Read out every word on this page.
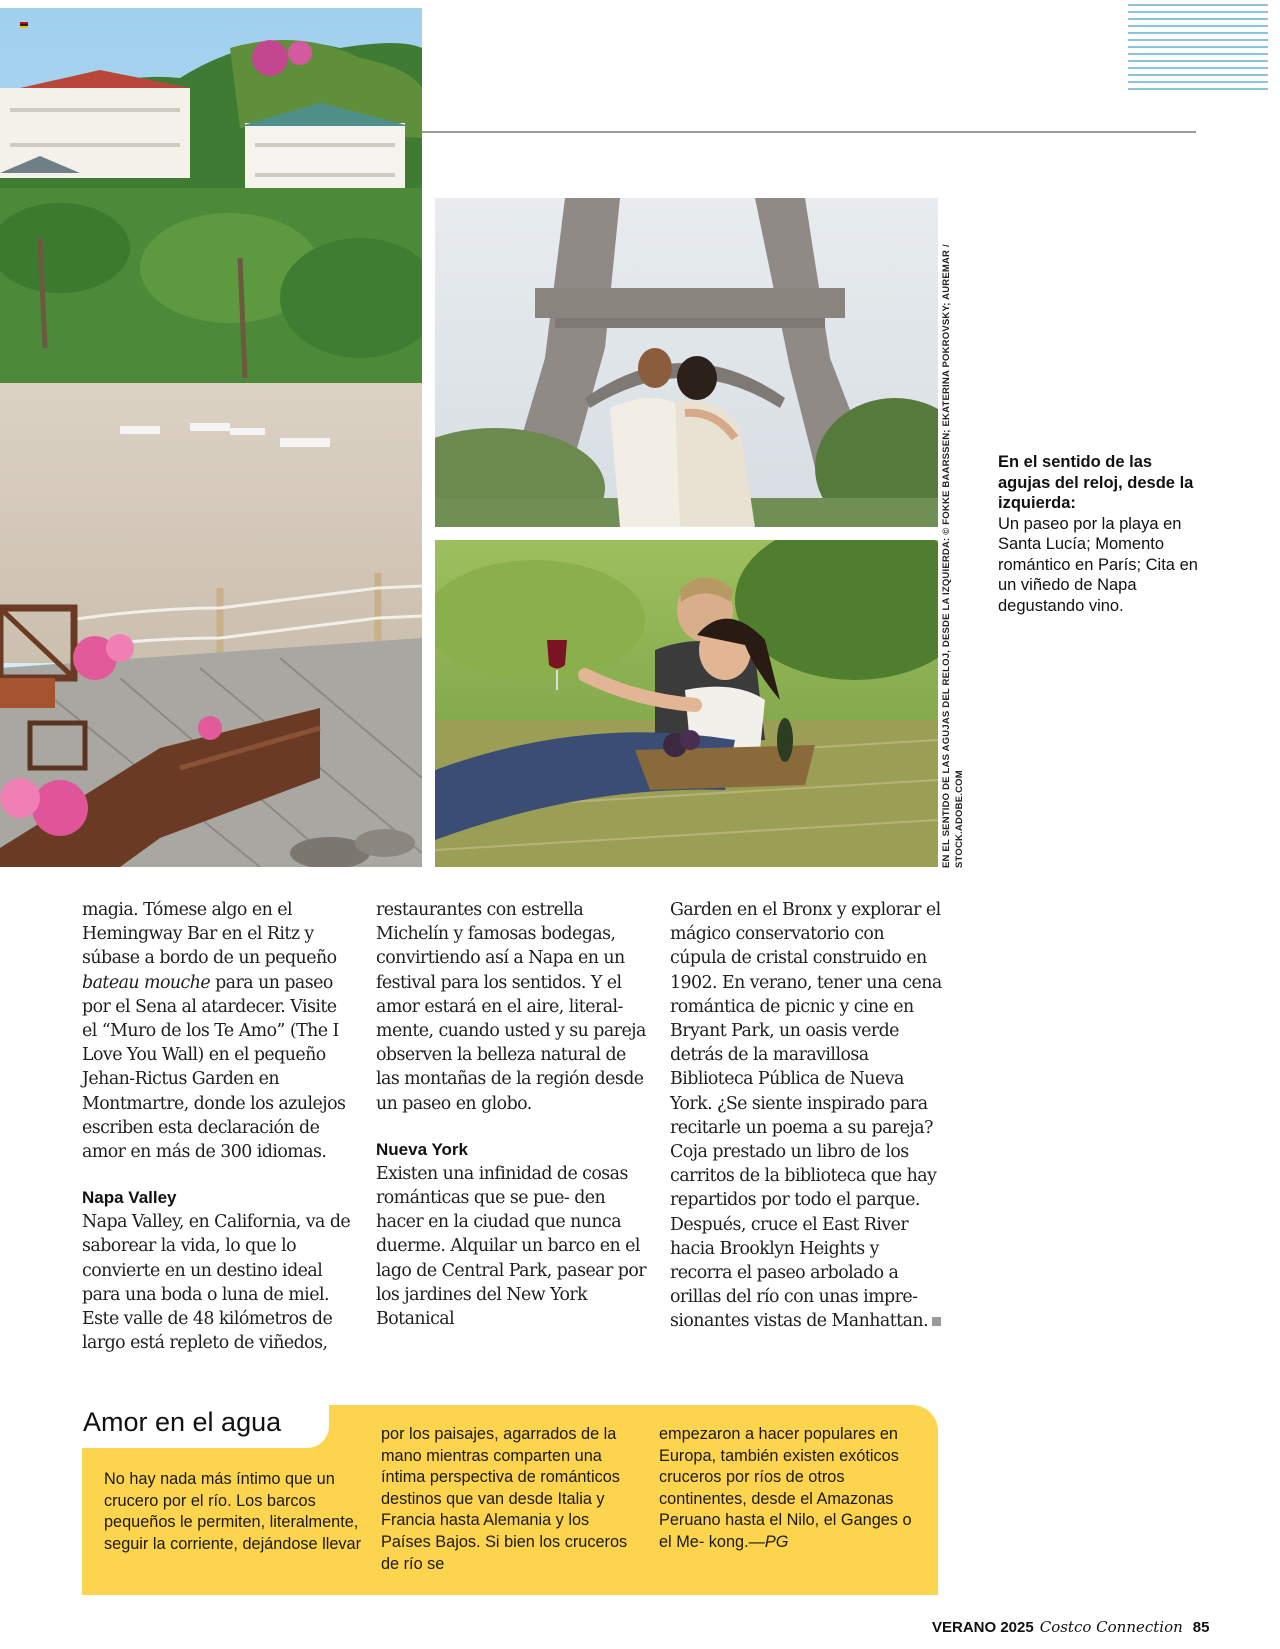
EN EL SENTIDO DE LAS AGUJAS DEL RELOJ, DESDE LA IZQUIERDA: © FOKKE BAARSSEN; EKATERINA POKROVSKY; AUREMAR / STOCK.ADOBE.COM
En el sentido de las agujas del reloj, desde la izquierda:
Un paseo por la playa en Santa Lucía; Momento romántico en París; Cita en un viñedo de Napa degustando vino.

magia. Tómese algo en el Hemingway Bar en el Ritz y súbase a bordo de un pequeño bateau mouche para un paseo por el Sena al atardecer. Visite el “Muro de los Te Amo” (The I Love You Wall) en el pequeño Jehan-Rictus Garden en Montmartre, donde los azulejos escriben esta declaración de amor en más de 300 idiomas.

Napa Valley

Napa Valley, en California, va de saborear la vida, lo que lo convierte en un destino ideal para una boda o luna de miel. Este valle de 48 kilómetros de largo está repleto de viñedos,

restaurantes con estrella Michelín y famosas bodegas, convirtiendo así a Napa en un festival para los sentidos. Y el amor estará en el aire, literal- mente, cuando usted y su pareja observen la belleza natural de las montañas de la región desde un paseo en globo.

Nueva York

Existen una infinidad de cosas románticas que se pue- den hacer en la ciudad que nunca duerme. Alquilar un barco en el lago de Central Park, pasear por los jardines del New York Botanical

Garden en el Bronx y explorar el mágico conservatorio con cúpula de cristal construido en 1902. En verano, tener una cena romántica de picnic y cine en Bryant Park, un oasis verde detrás de la maravillosa Biblioteca Pública de Nueva York. ¿Se siente inspirado para recitarle un poema a su pareja? Coja prestado un libro de los carritos de la biblioteca que hay repartidos por todo el parque. Después, cruce el East River hacia Brooklyn Heights y recorra el paseo arbolado a orillas del río con unas impre- sionantes vistas de Manhattan.

Amor en el agua

No hay nada más íntimo que un crucero por el río. Los barcos pequeños le permiten, literalmente, seguir la corriente, dejándose llevar

por los paisajes, agarrados de la mano mientras comparten una íntima perspectiva de románticos destinos que van desde Italia y Francia hasta Alemania y los Países Bajos. Si bien los cruceros de río se

empezaron a hacer populares en Europa, también existen exóticos cruceros por ríos de otros continentes, desde el Amazonas Peruano hasta el Nilo, el Ganges o el Me- kong.—PG

VERANO 2025 Costco Connection 85
